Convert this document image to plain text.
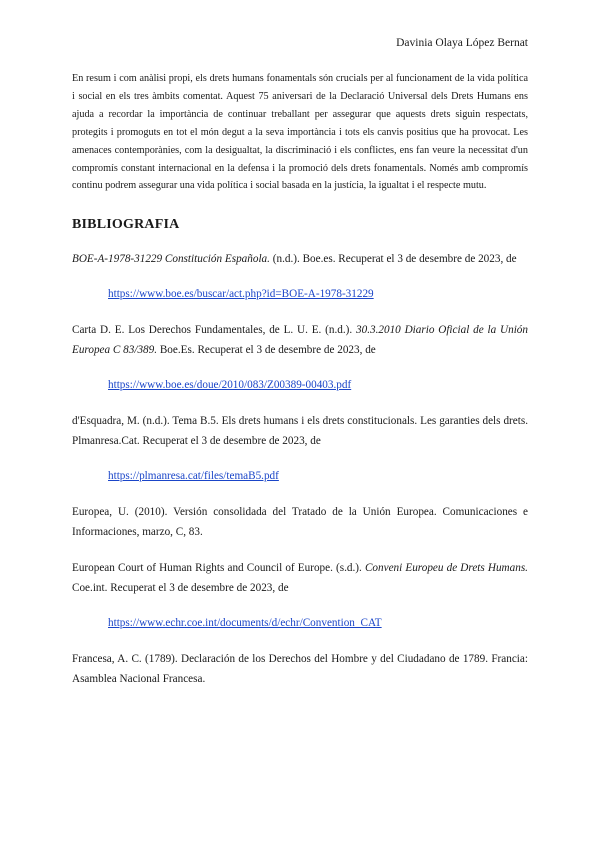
Davinia Olaya López Bernat

En resum i com anàlisi propi, els drets humans fonamentals són crucials per al funcionament de la vida política i social en els tres àmbits comentat. Aquest 75 aniversari de la Declaració Universal dels Drets Humans ens ajuda a recordar la importància de continuar treballant per assegurar que aquests drets siguin respectats, protegits i promoguts en tot el món degut a la seva importància i tots els canvis positius que ha provocat. Les amenaces contemporànies, com la desigualtat, la discriminació i els conflictes, ens fan veure la necessitat d'un compromís constant internacional en la defensa i la promoció dels drets fonamentals. Només amb compromís continu podrem assegurar una vida política i social basada en la justícia, la igualtat i el respecte mutu.

BIBLIOGRAFIA

BOE-A-1978-31229 Constitución Española. (n.d.). Boe.es. Recuperat el 3 de desembre de 2023, de

https://www.boe.es/buscar/act.php?id=BOE-A-1978-31229

Carta D. E. Los Derechos Fundamentales, de L. U. E. (n.d.). 30.3.2010 Diario Oficial de la Unión Europea C 83/389. Boe.Es. Recuperat el 3 de desembre de 2023, de

https://www.boe.es/doue/2010/083/Z00389-00403.pdf

d'Esquadra, M. (n.d.). Tema B.5. Els drets humans i els drets constitucionals. Les garanties dels drets. Plmanresa.Cat. Recuperat el 3 de desembre de 2023, de

https://plmanresa.cat/files/temaB5.pdf

Europea, U. (2010). Versión consolidada del Tratado de la Unión Europea. Comunicaciones e Informaciones, marzo, C, 83.

European Court of Human Rights and Council of Europe. (s.d.). Conveni Europeu de Drets Humans. Coe.int. Recuperat el 3 de desembre de 2023, de

https://www.echr.coe.int/documents/d/echr/Convention_CAT

Francesa, A. C. (1789). Declaración de los Derechos del Hombre y del Ciudadano de 1789. Francia: Asamblea Nacional Francesa.
